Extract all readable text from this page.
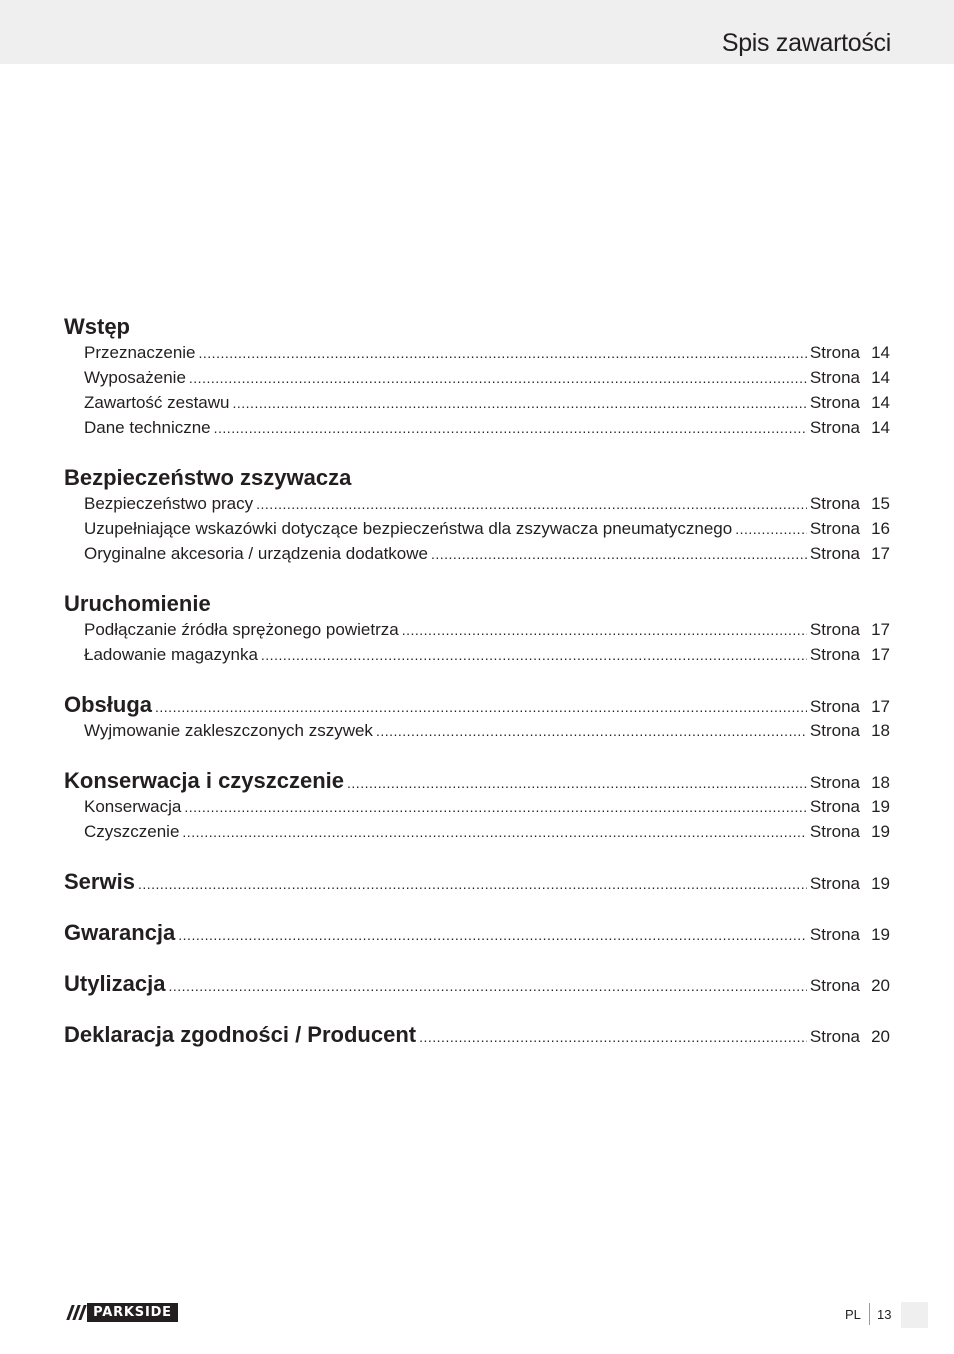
Spis zawartości
Wstęp
Przeznaczenie .....	Strona 14
Wyposażenie .....	Strona 14
Zawartość zestawu .....	Strona 14
Dane techniczne .....	Strona 14
Bezpieczeństwo zszywacza
Bezpieczeństwo pracy .....	Strona 15
Uzupełniające wskazówki dotyczące bezpieczeństwa dla zszywacza pneumatycznego .....	Strona 16
Oryginalne akcesoria / urządzenia dodatkowe .....	Strona 17
Uruchomienie
Podłączanie źródła sprężonego powietrza .....	Strona 17
Ładowanie magazynka .....	Strona 17
Obsługa .....	Strona 17
Wyjmowanie zakleszczonych zszywek .....	Strona 18
Konserwacja i czyszczenie .....	Strona 18
Konserwacja .....	Strona 19
Czyszczenie .....	Strona 19
Serwis .....	Strona 19
Gwarancja .....	Strona 19
Utylizacja .....	Strona 20
Deklaracja zgodności / Producent .....	Strona 20
PARKSIDE	PL 13
